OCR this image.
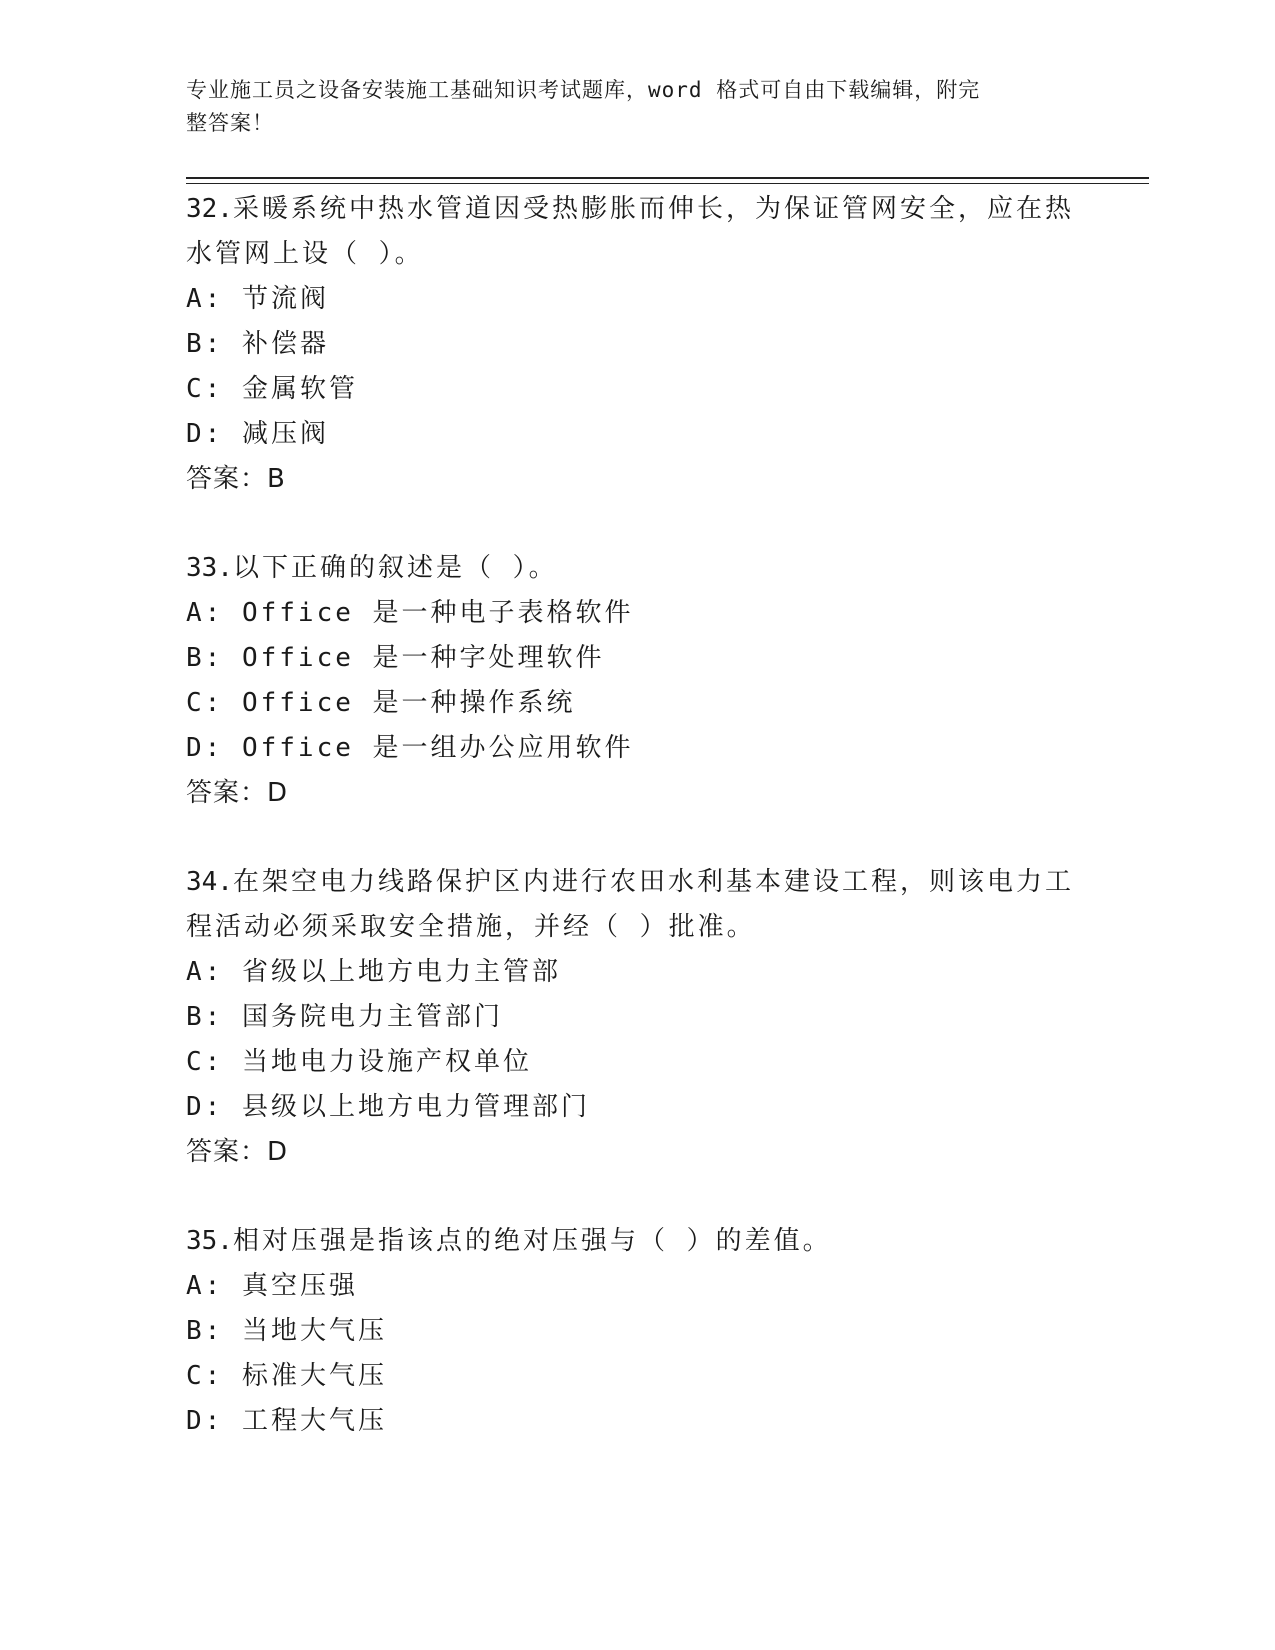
专业施工员之设备安装施工基础知识考试题库，word 格式可自由下载编辑，附完
整答案！
32.采暖系统中热水管道因受热膨胀而伸长，为保证管网安全，应在热
水管网上设（ ）。
A: 节流阀
B: 补偿器
C: 金属软管
D: 减压阀
答案：B
33.以下正确的叙述是（ ）。
A: Office 是一种电子表格软件
B: Office 是一种字处理软件
C: Office 是一种操作系统
D: Office 是一组办公应用软件
答案：D
34.在架空电力线路保护区内进行农田水利基本建设工程，则该电力工
程活动必须采取安全措施，并经（ ）批准。
A: 省级以上地方电力主管部
B: 国务院电力主管部门
C: 当地电力设施产权单位
D: 县级以上地方电力管理部门
答案：D
35.相对压强是指该点的绝对压强与（ ）的差值。
A: 真空压强
B: 当地大气压
C: 标准大气压
D: 工程大气压
